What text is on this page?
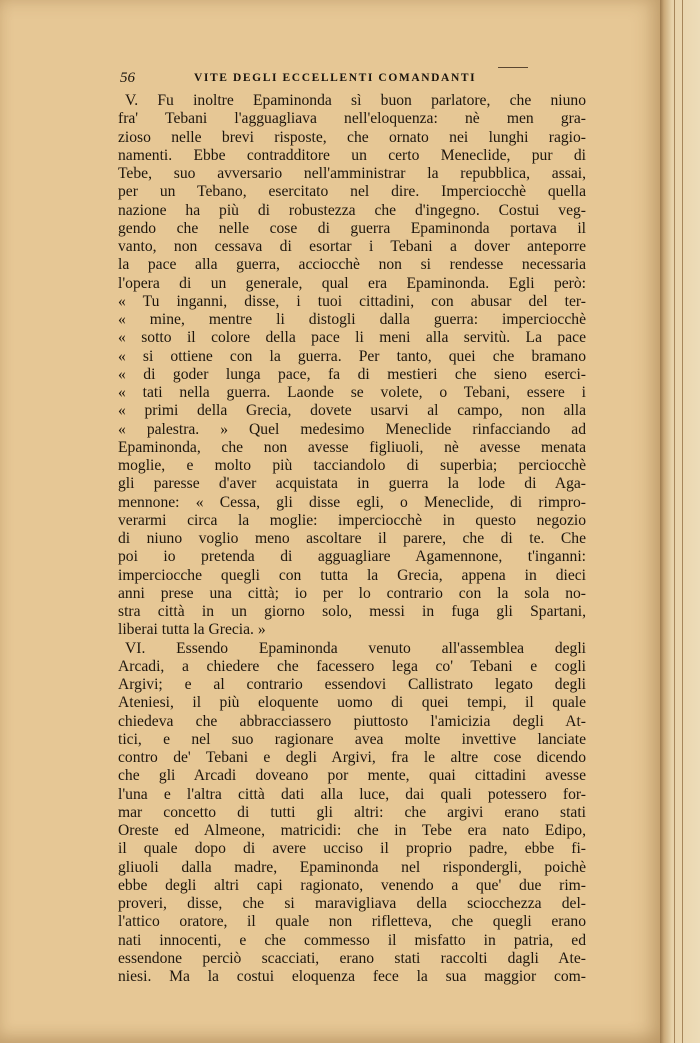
56	VITE DEGLI ECCELLENTI COMANDANTI
V. Fu inoltre Epaminonda sì buon parlatore, che niuno
fra' Tebani l'agguagliava nell'eloquenza: nè men gra-
zioso nelle brevi risposte, che ornato nei lunghi ragio-
namenti. Ebbe contradditore un certo Meneclide, pur di
Tebe, suo avversario nell'amministrar la repubblica, assai,
per un Tebano, esercitato nel dire. Imperciocchè quella
nazione ha più di robustezza che d'ingegno. Costui veg-
gendo che nelle cose di guerra Epaminonda portava il
vanto, non cessava di esortar i Tebani a dover anteporre
la pace alla guerra, acciocchè non si rendesse necessaria
l'opera di un generale, qual era Epaminonda. Egli però:
« Tu inganni, disse, i tuoi cittadini, con abusar del ter-
« mine, mentre li distogli dalla guerra: imperciocchè
« sotto il colore della pace li meni alla servitù. La pace
« si ottiene con la guerra. Per tanto, quei che bramano
« di goder lunga pace, fa di mestieri che sieno eserci-
« tati nella guerra. Laonde se volete, o Tebani, essere i
« primi della Grecia, dovete usarvi al campo, non alla
« palestra. » Quel medesimo Meneclide rinfacciando ad
Epaminonda, che non avesse figliuoli, nè avesse menata
moglie, e molto più tacciandolo di superbia; perciocchè
gli paresse d'aver acquistata in guerra la lode di Aga-
mennone: « Cessa, gli disse egli, o Meneclide, di rimpro-
verarmi circa la moglie: imperciocchè in questo negozio
di niuno voglio meno ascoltare il parere, che di te. Che
poi io pretenda di agguagliare Agamennone, t'inganni:
imperciocche quegli con tutta la Grecia, appena in dieci
anni prese una città; io per lo contrario con la sola no-
stra città in un giorno solo, messi in fuga gli Spartani,
liberai tutta la Grecia. »
VI. Essendo Epaminonda venuto all'assemblea degli
Arcadi, a chiedere che facessero lega co' Tebani e cogli
Argivi; e al contrario essendovi Callistrato legato degli
Ateniesi, il più eloquente uomo di quei tempi, il quale
chiedeva che abbracciassero piuttosto l'amicizia degli At-
tici, e nel suo ragionare avea molte invettive lanciate
contro de' Tebani e degli Argivi, fra le altre cose dicendo
che gli Arcadi doveano por mente, quai cittadini avesse
l'una e l'altra città dati alla luce, dai quali potessero for-
mar concetto di tutti gli altri: che argivi erano stati
Oreste ed Almeone, matricidi: che in Tebe era nato Edipo,
il quale dopo di avere ucciso il proprio padre, ebbe fi-
gliuoli dalla madre, Epaminonda nel rispondergli, poichè
ebbe degli altri capi ragionato, venendo a que' due rim-
proveri, disse, che si maravigliava della sciocchezza del-
l'attico oratore, il quale non rifletteva, che quegli erano
nati innocenti, e che commesso il misfatto in patria, ed
essendone perciò scacciati, erano stati raccolti dagli Ate-
niesi. Ma la costui eloquenza fece la sua maggior com-
